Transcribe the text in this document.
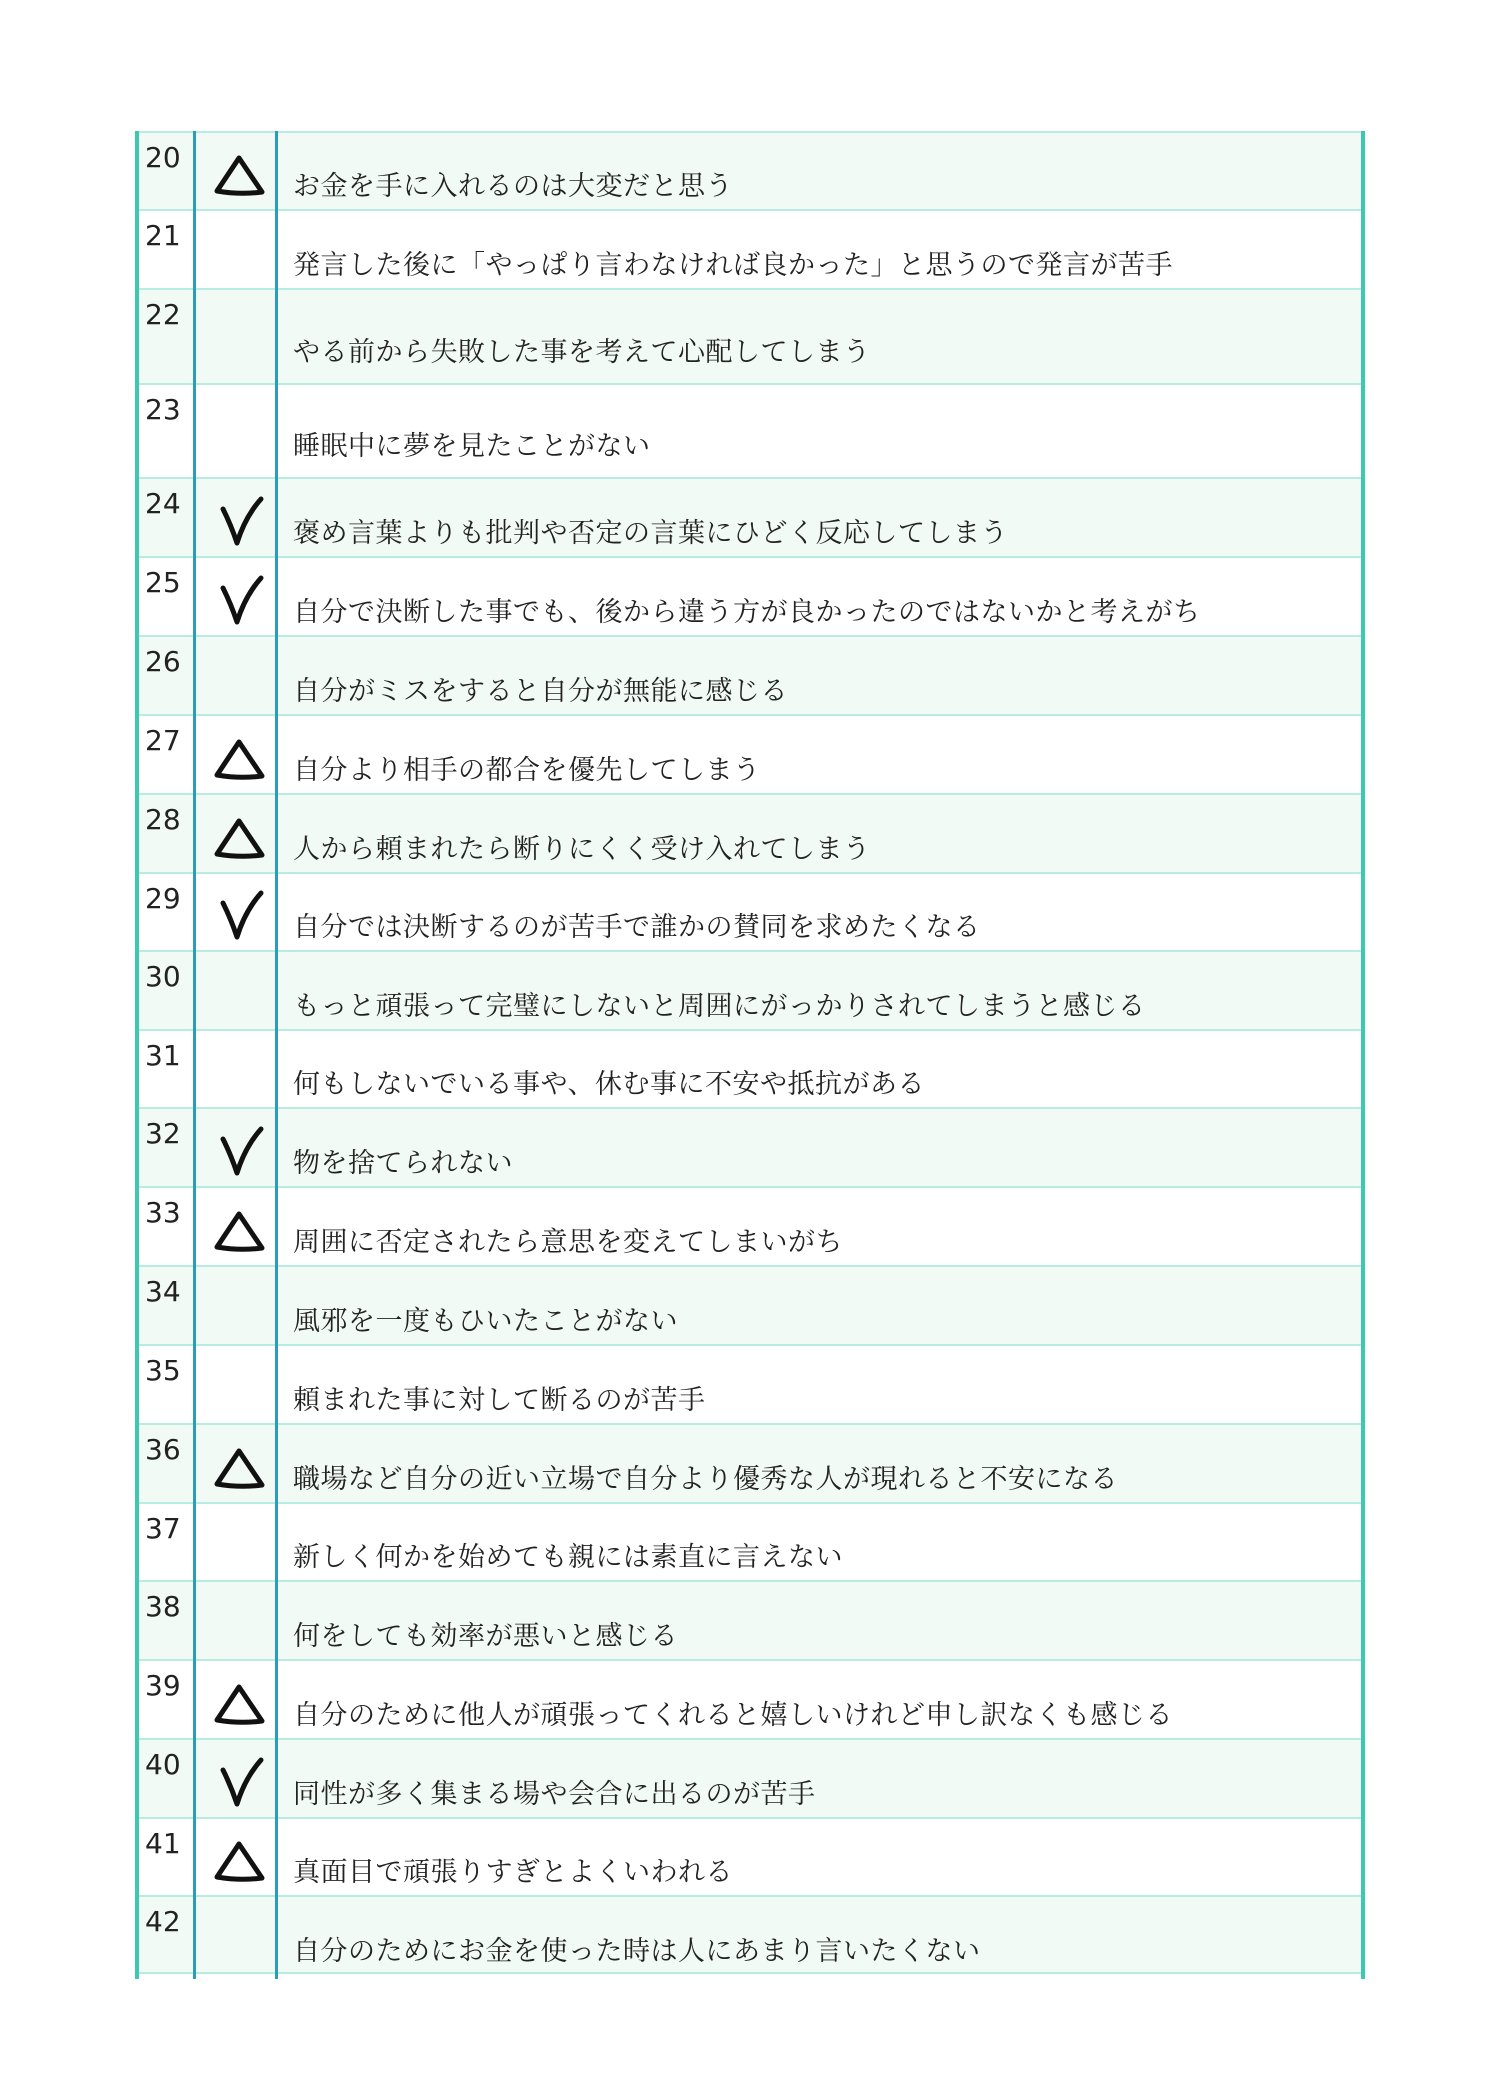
20
お金を手に入れるのは大変だと思う
21
発言した後に「やっぱり言わなければ良かった」と思うので発言が苦手
22
やる前から失敗した事を考えて心配してしまう
23
睡眠中に夢を見たことがない
24
褒め言葉よりも批判や否定の言葉にひどく反応してしまう
25
自分で決断した事でも、後から違う方が良かったのではないかと考えがち
26
自分がミスをすると自分が無能に感じる
27
自分より相手の都合を優先してしまう
28
人から頼まれたら断りにくく受け入れてしまう
29
自分では決断するのが苦手で誰かの賛同を求めたくなる
30
もっと頑張って完璧にしないと周囲にがっかりされてしまうと感じる
31
何もしないでいる事や、休む事に不安や抵抗がある
32
物を捨てられない
33
周囲に否定されたら意思を変えてしまいがち
34
風邪を一度もひいたことがない
35
頼まれた事に対して断るのが苦手
36
職場など自分の近い立場で自分より優秀な人が現れると不安になる
37
新しく何かを始めても親には素直に言えない
38
何をしても効率が悪いと感じる
39
自分のために他人が頑張ってくれると嬉しいけれど申し訳なくも感じる
40
同性が多く集まる場や会合に出るのが苦手
41
真面目で頑張りすぎとよくいわれる
42
自分のためにお金を使った時は人にあまり言いたくない
